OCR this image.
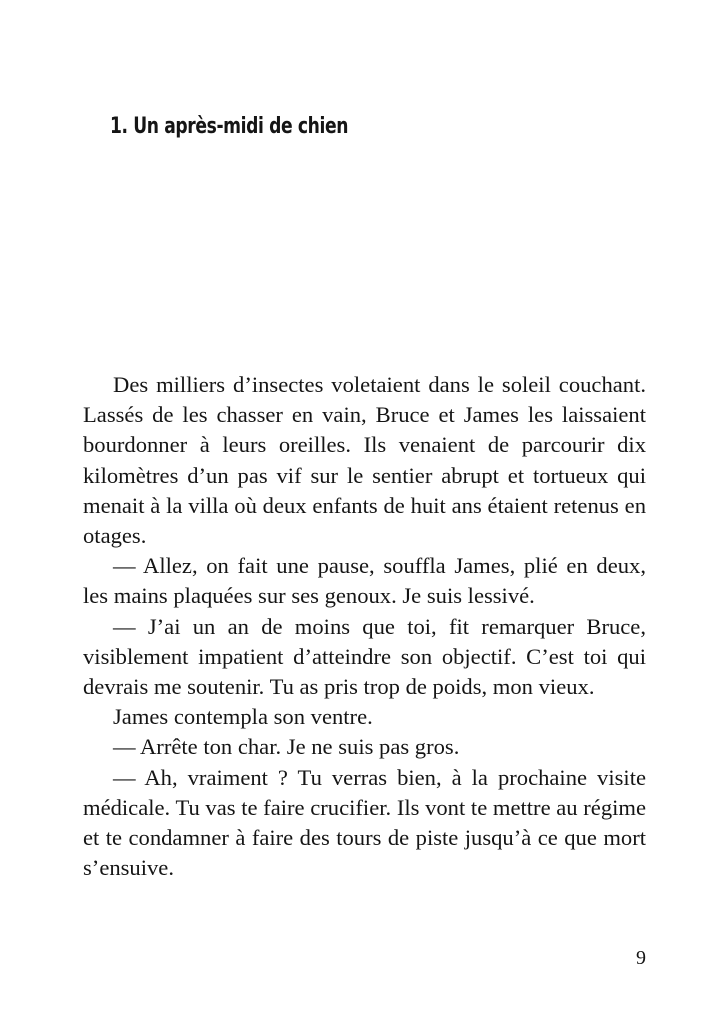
1. Un après-midi de chien

Des milliers d’insectes voletaient dans le soleil couchant. Lassés de les chasser en vain, Bruce et James les laissaient bourdonner à leurs oreilles. Ils venaient de parcourir dix kilomètres d’un pas vif sur le sentier abrupt et tortueux qui menait à la villa où deux enfants de huit ans étaient retenus en otages.

— Allez, on fait une pause, souffla James, plié en deux, les mains plaquées sur ses genoux. Je suis lessivé.

— J’ai un an de moins que toi, fit remarquer Bruce, visiblement impatient d’atteindre son objectif. C’est toi qui devrais me soutenir. Tu as pris trop de poids, mon vieux.

James contempla son ventre.

— Arrête ton char. Je ne suis pas gros.

— Ah, vraiment ? Tu verras bien, à la prochaine visite médicale. Tu vas te faire crucifier. Ils vont te mettre au régime et te condamner à faire des tours de piste jusqu’à ce que mort s’ensuive.

9
